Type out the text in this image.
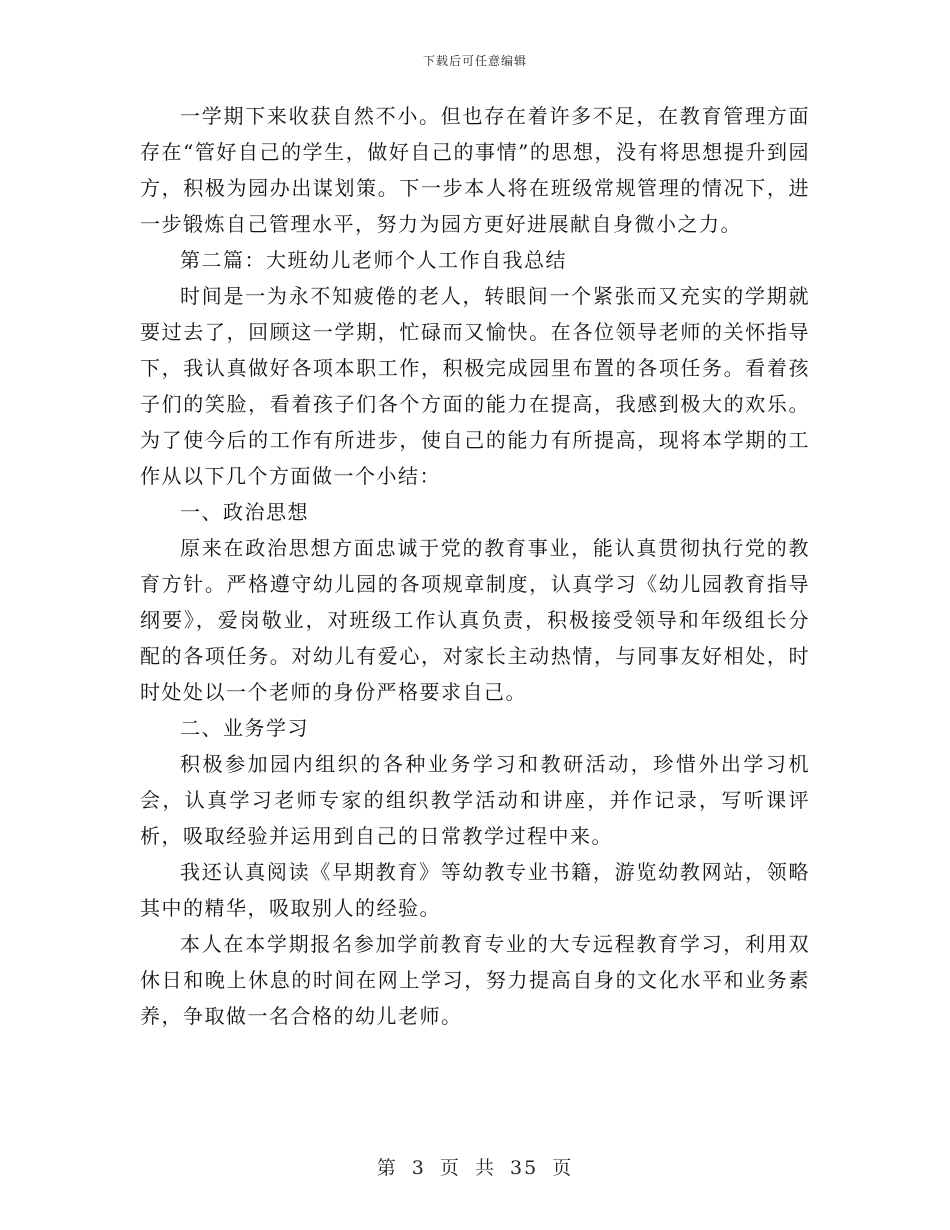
下载后可任意编辑

一学期下来收获自然不小。但也存在着许多不足，在教育管理方面存在“管好自己的学生，做好自己的事情”的思想，没有将思想提升到园方，积极为园办出谋划策。下一步本人将在班级常规管理的情况下，进一步锻炼自己管理水平，努力为园方更好进展献自身微小之力。

第二篇：大班幼儿老师个人工作自我总结

时间是一为永不知疲倦的老人，转眼间一个紧张而又充实的学期就要过去了，回顾这一学期，忙碌而又愉快。在各位领导老师的关怀指导下，我认真做好各项本职工作，积极完成园里布置的各项任务。看着孩子们的笑脸，看着孩子们各个方面的能力在提高，我感到极大的欢乐。为了使今后的工作有所进步，使自己的能力有所提高，现将本学期的工作从以下几个方面做一个小结：

一、政治思想

原来在政治思想方面忠诚于党的教育事业，能认真贯彻执行党的教育方针。严格遵守幼儿园的各项规章制度，认真学习《幼儿园教育指导纲要》，爱岗敬业，对班级工作认真负责，积极接受领导和年级组长分配的各项任务。对幼儿有爱心，对家长主动热情，与同事友好相处，时时处处以一个老师的身份严格要求自己。

二、业务学习

积极参加园内组织的各种业务学习和教研活动，珍惜外出学习机会，认真学习老师专家的组织教学活动和讲座，并作记录，写听课评析，吸取经验并运用到自己的日常教学过程中来。

我还认真阅读《早期教育》等幼教专业书籍，游览幼教网站，领略其中的精华，吸取别人的经验。

本人在本学期报名参加学前教育专业的大专远程教育学习，利用双休日和晚上休息的时间在网上学习，努力提高自身的文化水平和业务素养，争取做一名合格的幼儿老师。

第 3 页 共 35 页
